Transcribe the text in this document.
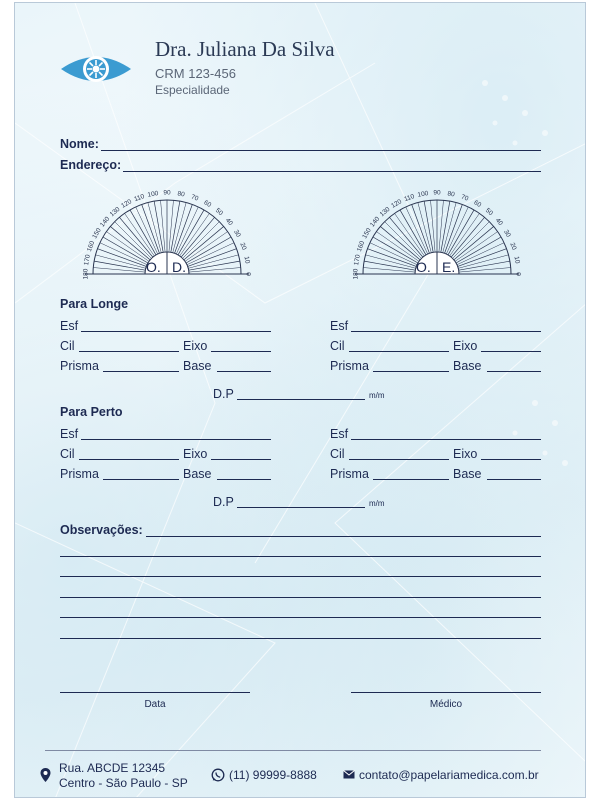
Dra. Juliana Da Silva
CRM 123-456
Especialidade
Nome:
Endereço:
180
170
160
150
140
130
120
110 100 90 80 70
60
50
40
30
20
10
0	180
170
160
150
140
130
120
110 100 90 80 70
60
50
40
30
20
10
0
O. D.	O. E.
Para Longe
Esf
Cil	Eixo
Prisma	Base
Esf
Cil	Eixo
Prisma	Base
D.P	m/m
Para Perto
Esf
Cil	Eixo
Prisma	Base
Esf
Cil	Eixo
Prisma	Base
D.P	m/m
Observações:
Data	Médico
Rua. ABCDE 12345
Centro - São Paulo - SP
(11) 99999-8888	contato@papelariamedica.com.br
